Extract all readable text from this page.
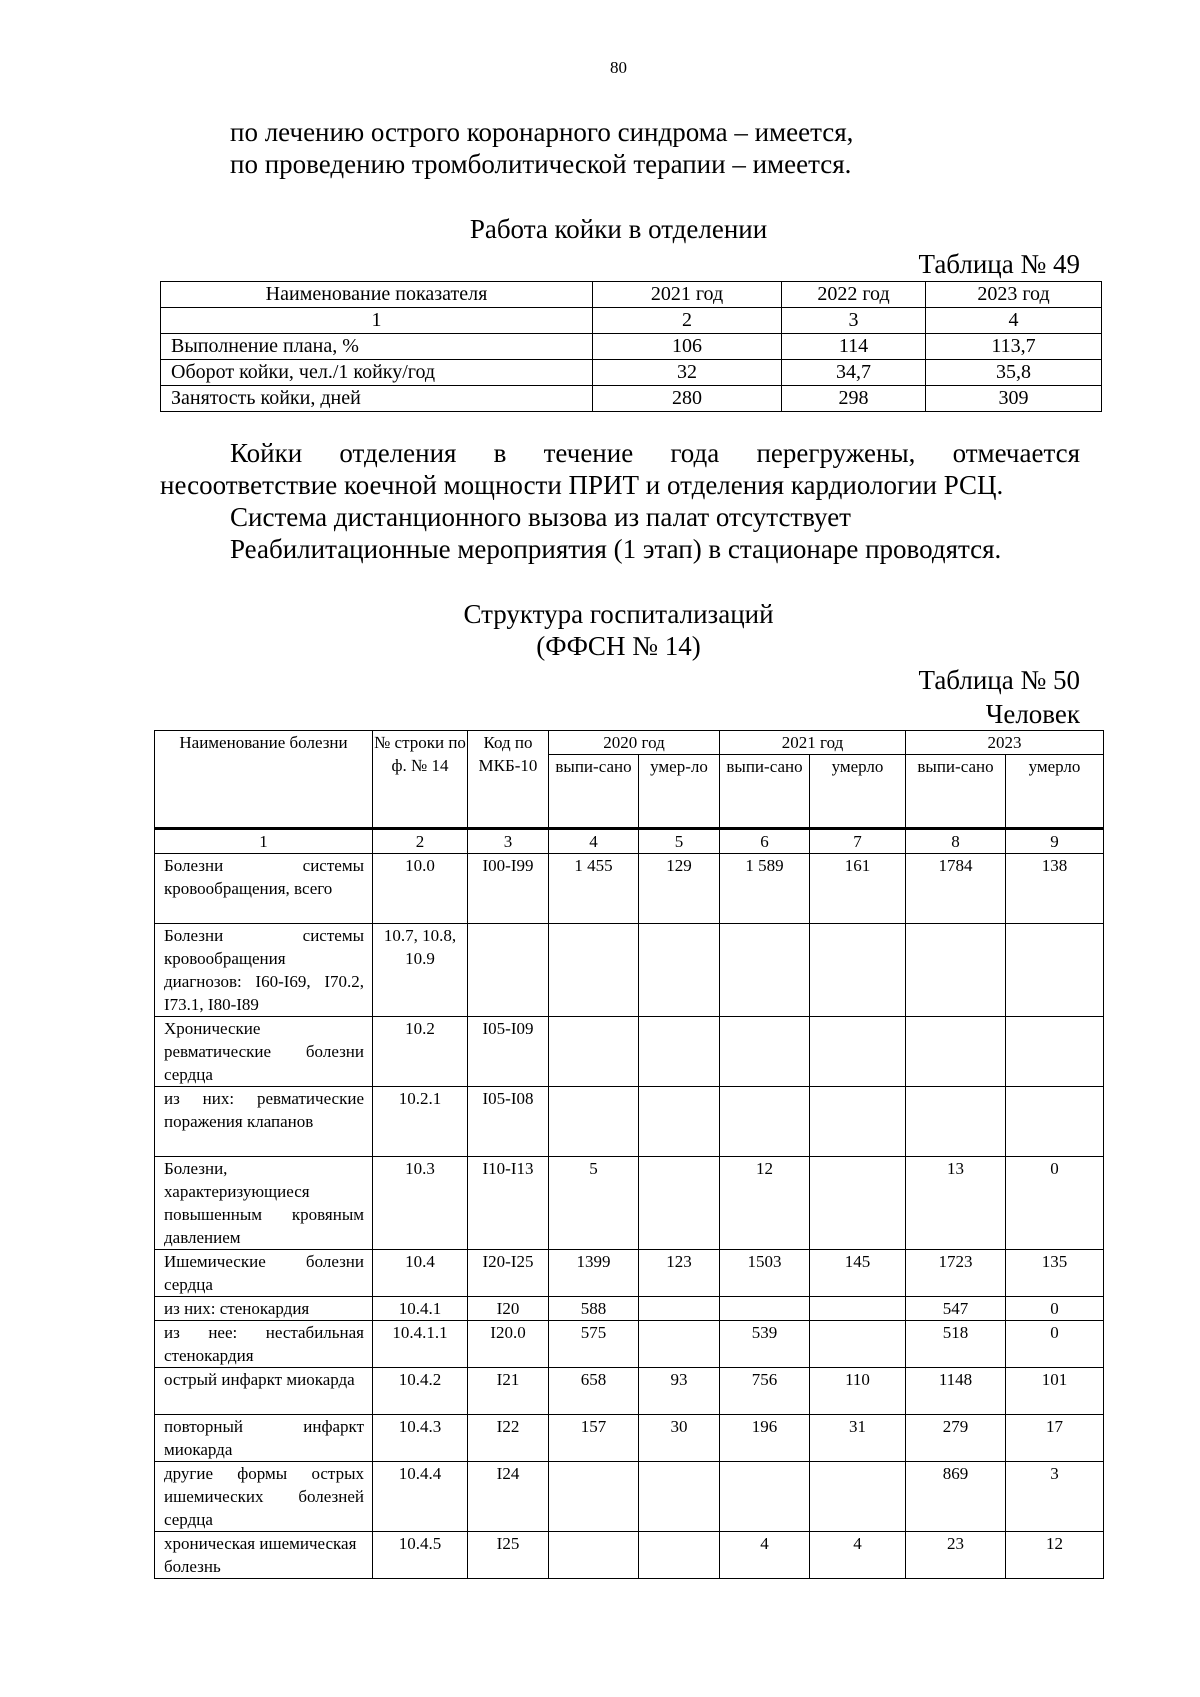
80
по лечению острого коронарного синдрома – имеется,
по проведению тромболитической терапии – имеется.
Работа койки в отделении
Таблица № 49
Наименование показателя	2021 год	2022 год	2023 год
1	2	3	4
Выполнение плана, %	106	114	113,7
Оборот койки, чел./1 койку/год	32	34,7	35,8
Занятость койки, дней	280	298	309
Койки отделения в течение года перегружены, отмечается
несоответствие коечной мощности ПРИТ и отделения кардиологии РСЦ.
Система дистанционного вызова из палат отсутствует
Реабилитационные мероприятия (1 этап) в стационаре проводятся.
Структура госпитализаций
(ФФСН № 14)
Таблица № 50
Человек
Наименование болезни	№ строки по ф. № 14	Код по МКБ-10	2020 год		2021 год		2023	
			выпи-сано	умер-ло	выпи-сано	умерло	выпи-сано	умерло
1	2	3	4	5	6	7	8	9
Болезни системы кровообращения, всего	10.0	I00-I99	1 455	129	1 589	161	1784	138
Болезни системы кровообращения диагнозов: I60-I69, I70.2, I73.1, I80-I89	10.7, 10.8, 10.9							
Хронические ревматические болезни сердца	10.2	I05-I09						
из них: ревматические поражения клапанов	10.2.1	I05-I08						
Болезни, характеризующиеся повышенным кровяным давлением	10.3	I10-I13	5		12		13	0
Ишемические болезни сердца	10.4	I20-I25	1399	123	1503	145	1723	135
из них: стенокардия	10.4.1	I20	588				547	0
из нее: нестабильная стенокардия	10.4.1.1	I20.0	575		539		518	0
острый инфаркт миокарда	10.4.2	I21	658	93	756	110	1148	101
повторный инфаркт миокарда	10.4.3	I22	157	30	196	31	279	17
другие формы острых ишемических болезней сердца	10.4.4	I24					869	3
хроническая ишемическая болезнь	10.4.5	I25			4	4	23	12
